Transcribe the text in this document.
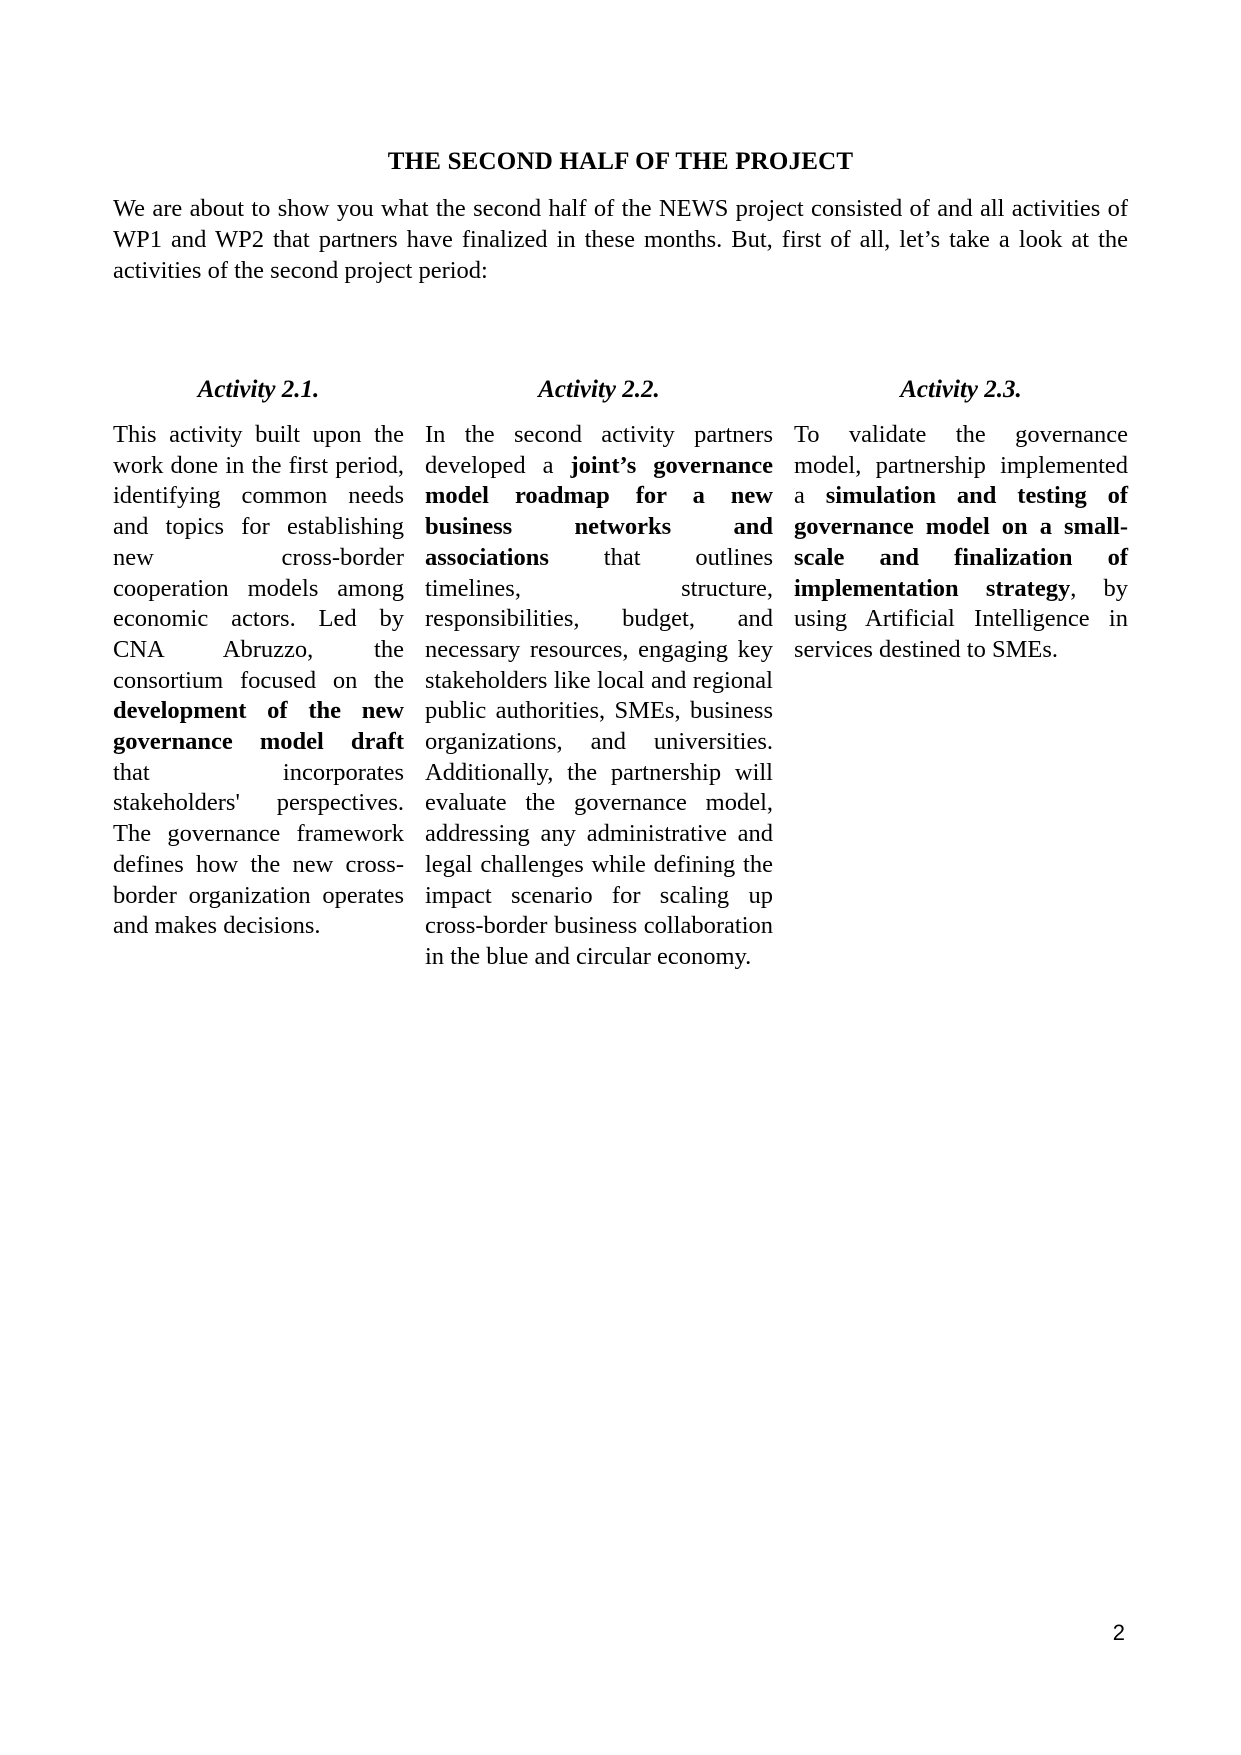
THE SECOND HALF OF THE PROJECT

We are about to show you what the second half of the NEWS project consisted of and all activities of WP1 and WP2 that partners have finalized in these months. But, first of all, let’s take a look at the activities of the second project period:

Activity 2.1.

This activity built upon the work done in the first period, identifying common needs and topics for establishing new cross-border cooperation models among economic actors. Led by CNA Abruzzo, the consortium focused on the development of the new governance model draft that incorporates stakeholders' perspectives. The governance framework defines how the new cross-border organization operates and makes decisions.

Activity 2.2.

In the second activity partners developed a joint’s governance model roadmap for a new business networks and associations that outlines timelines, structure, responsibilities, budget, and necessary resources, engaging key stakeholders like local and regional public authorities, SMEs, business organizations, and universities. Additionally, the partnership will evaluate the governance model, addressing any administrative and legal challenges while defining the impact scenario for scaling up cross-border business collaboration in the blue and circular economy.

Activity 2.3.

To validate the governance model, partnership implemented a simulation and testing of governance model on a small-scale and finalization of implementation strategy, by using Artificial Intelligence in services destined to SMEs.

2
